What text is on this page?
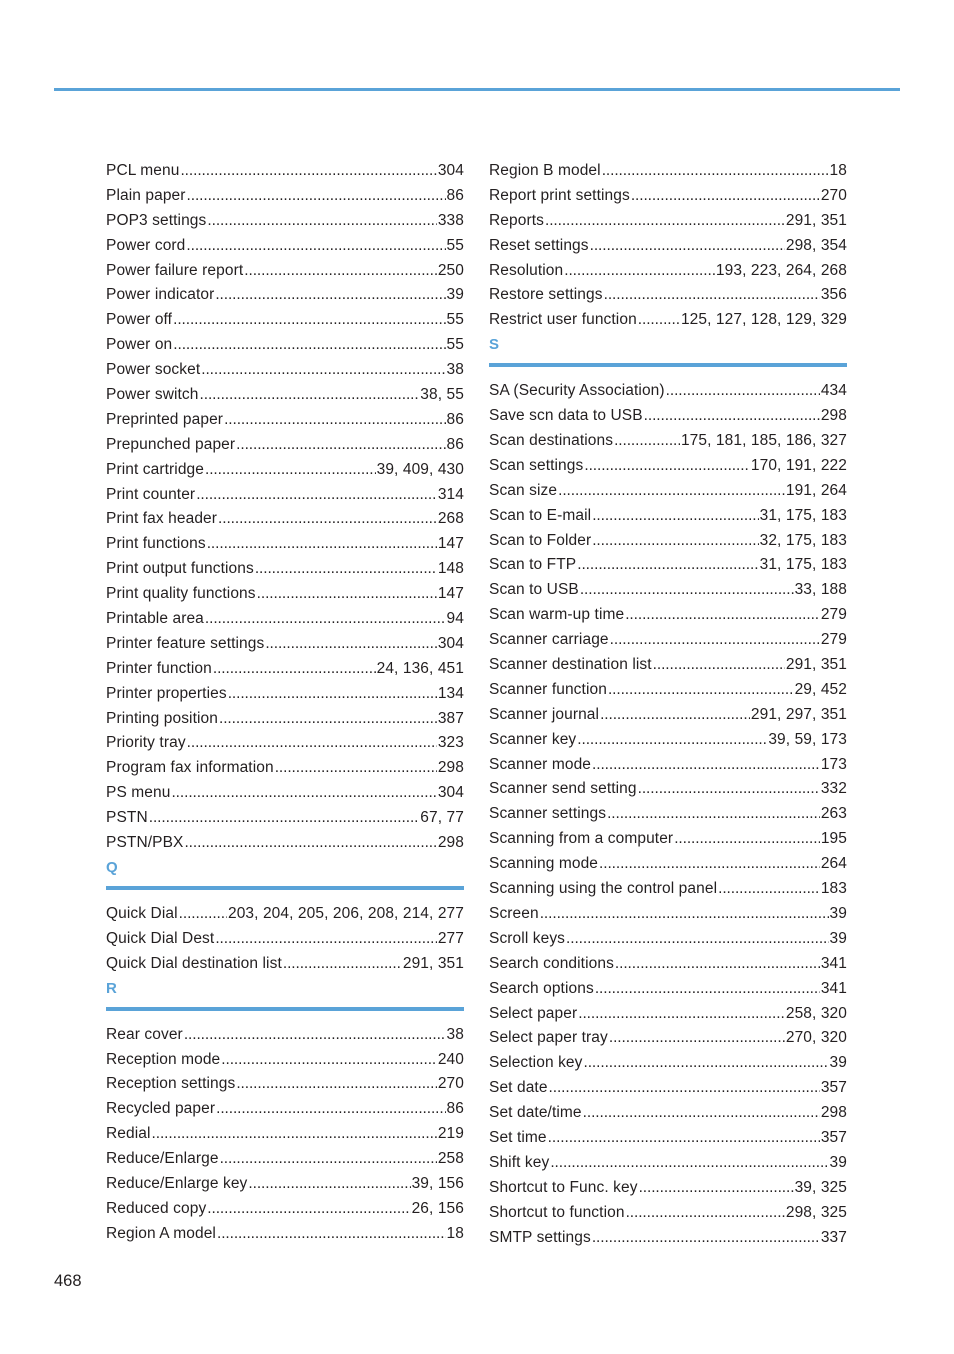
PCL menu . . .	304
Plain paper . . .	86
POP3 settings . . .	338
Power cord . . .	55
Power failure report . . .	250
Power indicator . . .	39
Power off . . .	55
Power on . . .	55
Power socket . . .	38
Power switch . . .	38, 55
Preprinted paper . . .	86
Prepunched paper . . .	86
Print cartridge . . .	39, 409, 430
Print counter . . .	314
Print fax header . . .	268
Print functions . . .	147
Print output functions . . .	148
Print quality functions . . .	147
Printable area . . .	94
Printer feature settings . . .	304
Printer function . . .	24, 136, 451
Printer properties . . .	134
Printing position . . .	387
Priority tray . . .	323
Program fax information . . .	298
PS menu . . .	304
PSTN . . .	67, 77
PSTN/PBX . . .	298
Q
Quick Dial . . .	203, 204, 205, 206, 208, 214, 277
Quick Dial Dest . . .	277
Quick Dial destination list . . .	291, 351
R
Rear cover . . .	38
Reception mode . . .	240
Reception settings . . .	270
Recycled paper . . .	86
Redial . . .	219
Reduce/Enlarge . . .	258
Reduce/Enlarge key . . .	39, 156
Reduced copy . . .	26, 156
Region A model . . .	18
Region B model . . .	18
Report print settings . . .	270
Reports . . .	291, 351
Reset settings . . .	298, 354
Resolution . . .	193, 223, 264, 268
Restore settings . . .	356
Restrict user function . . .	125, 127, 128, 129, 329
S
SA (Security Association) . . .	434
Save scn data to USB . . .	298
Scan destinations . . .	175, 181, 185, 186, 327
Scan settings . . .	170, 191, 222
Scan size . . .	191, 264
Scan to E-mail . . .	31, 175, 183
Scan to Folder . . .	32, 175, 183
Scan to FTP . . .	31, 175, 183
Scan to USB . . .	33, 188
Scan warm-up time . . .	279
Scanner carriage . . .	279
Scanner destination list . . .	291, 351
Scanner function . . .	29, 452
Scanner journal . . .	291, 297, 351
Scanner key . . .	39, 59, 173
Scanner mode . . .	173
Scanner send setting . . .	332
Scanner settings . . .	263
Scanning from a computer . . .	195
Scanning mode . . .	264
Scanning using the control panel . . .	183
Screen . . .	39
Scroll keys . . .	39
Search conditions . . .	341
Search options . . .	341
Select paper . . .	258, 320
Select paper tray . . .	270, 320
Selection key . . .	39
Set date . . .	357
Set date/time . . .	298
Set time . . .	357
Shift key . . .	39
Shortcut to Func. key . . .	39, 325
Shortcut to function . . .	298, 325
SMTP settings . . .	337
468
